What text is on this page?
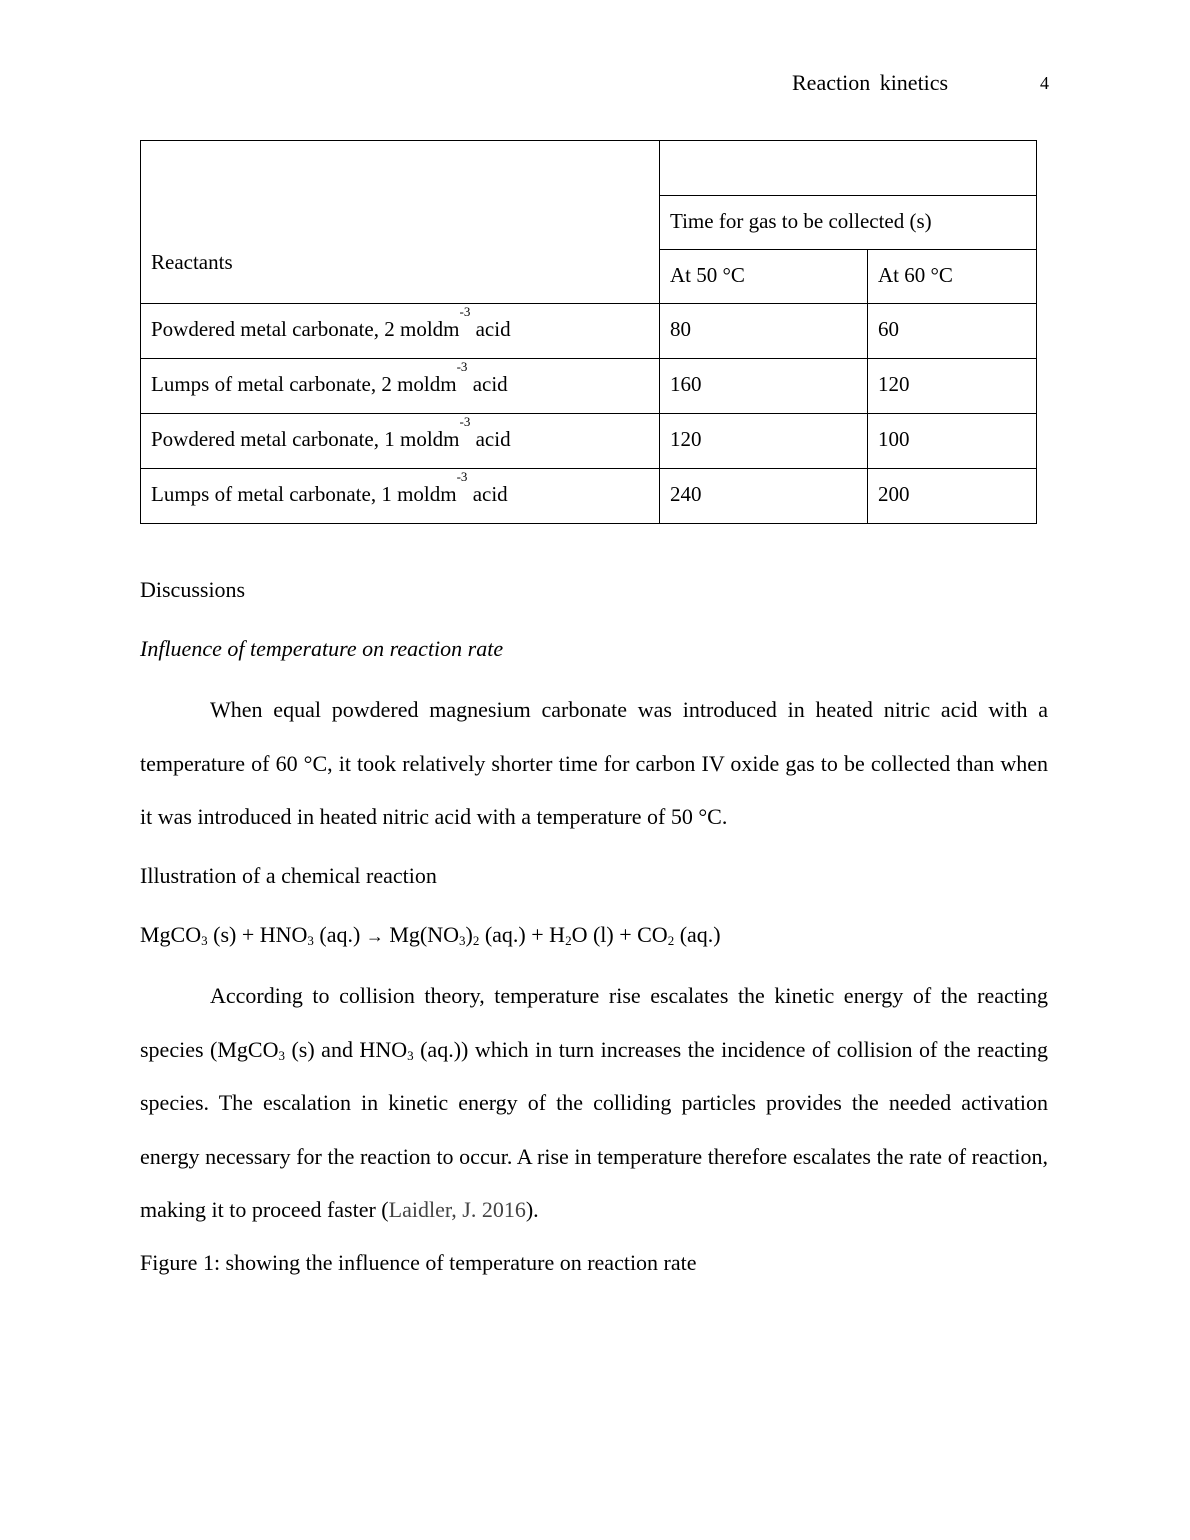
Reaction kinetics	4
Reactants		
	Time for gas to be collected (s)	
	At 50 °C	At 60 °C
Powdered metal carbonate, 2 moldm$^{-3}$ acid	80	60
Lumps of metal carbonate, 2 moldm$^{-3}$ acid	160	120
Powdered metal carbonate, 1 moldm$^{-3}$ acid	120	100
Lumps of metal carbonate, 1 moldm$^{-3}$ acid	240	200
Discussions
Influence of temperature on reaction rate
When equal powdered magnesium carbonate was introduced in heated nitric acid with a temperature of 60 °C, it took relatively shorter time for carbon IV oxide gas to be collected than when it was introduced in heated nitric acid with a temperature of 50 °C.
Illustration of a chemical reaction
MgCO$_3$ $(s) + HNO_3$ $(aq.) \to Mg(NO_3)_2$ $(aq.) + H_2O$ $(l) + CO_2$ (aq.)
According to collision theory, temperature rise escalates the kinetic energy of the reacting species (MgCO$_3$ (s) and $HNO_3$ (aq.)) which in turn increases the incidence of collision of the reacting species. The escalation in kinetic energy of the colliding particles provides the needed activation energy necessary for the reaction to occur. A rise in temperature therefore escalates the rate of reaction, making it to proceed faster (Laidler, J. 2016).
Figure 1: showing the influence of temperature on reaction rate
